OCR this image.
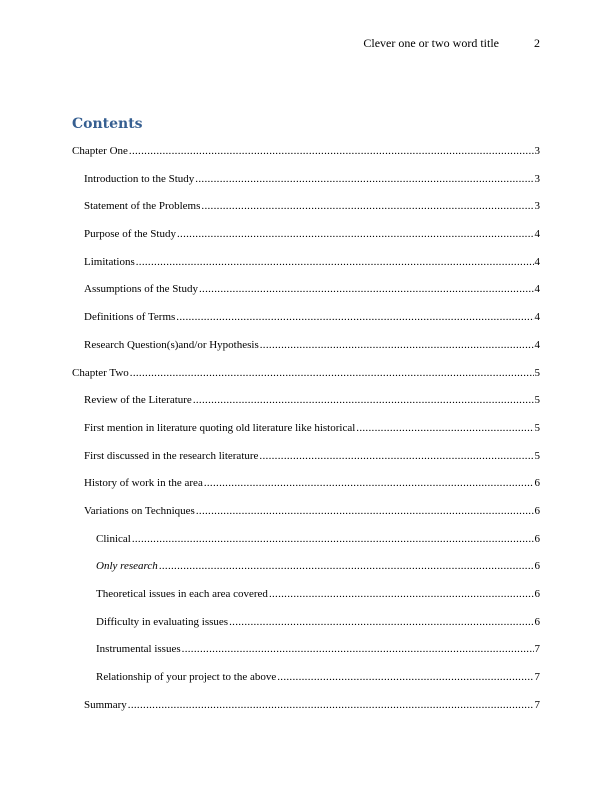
Clever one or two word title	2
Contents
Chapter One .....	3
Introduction to the Study .....	3
Statement of the Problems .....	3
Purpose of the Study .....	4
Limitations .....	4
Assumptions of the Study .....	4
Definitions of Terms .....	4
Research Question(s)and/or Hypothesis .....	4
Chapter Two .....	5
Review of the Literature .....	5
First mention in literature quoting old literature like historical .....	5
First discussed in the research literature .....	5
History of work in the area .....	6
Variations on Techniques .....	6
Clinical .....	6
Only research .....	6
Theoretical issues in each area covered .....	6
Difficulty in evaluating issues .....	6
Instrumental issues .....	7
Relationship of your project to the above .....	7
Summary .....	7
